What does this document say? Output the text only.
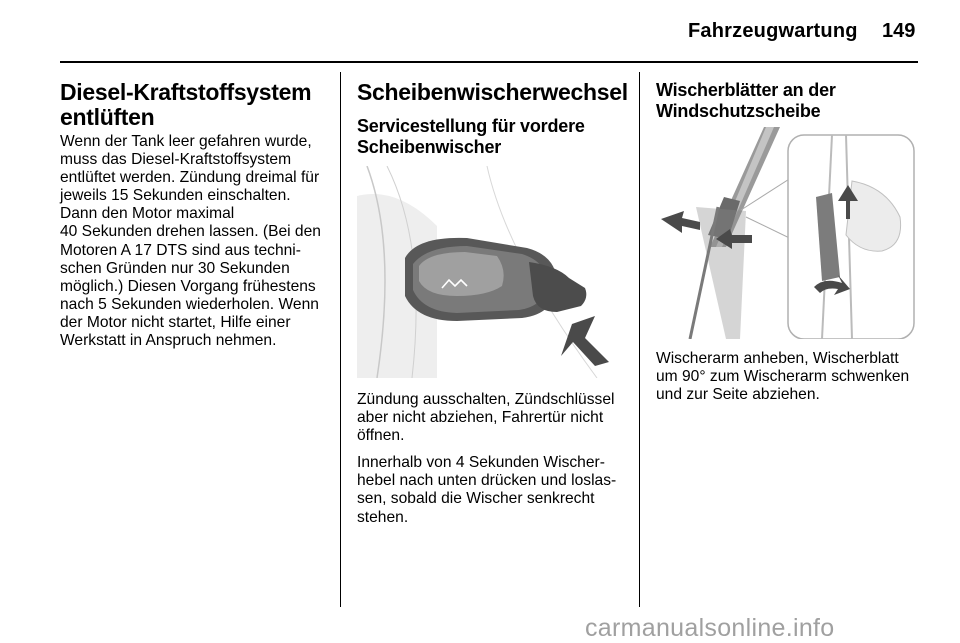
Fahrzeugwartung 149
Diesel-Kraftstoffsystem
entlüften

Wenn der Tank leer gefahren wurde,
muss das Diesel-Kraftstoffsystem
entlüftet werden. Zündung dreimal für
jeweils 15 Sekunden einschalten.
Dann den Motor maximal
40 Sekunden drehen lassen. (Bei den
Motoren A 17 DTS sind aus techni-
schen Gründen nur 30 Sekunden
möglich.) Diesen Vorgang frühestens
nach 5 Sekunden wiederholen. Wenn
der Motor nicht startet, Hilfe einer
Werkstatt in Anspruch nehmen.

Scheibenwischerwechsel
Servicestellung für vordere
Scheibenwischer

Zündung ausschalten, Zündschlüssel
aber nicht abziehen, Fahrertür nicht
öffnen.

Innerhalb von 4 Sekunden Wischer-
hebel nach unten drücken und loslas-
sen, sobald die Wischer senkrecht
stehen.

Wischerblätter an der
Windschutzscheibe

Wischerarm anheben, Wischerblatt
um 90° zum Wischerarm schwenken
und zur Seite abziehen.

carmanualsonline.info
